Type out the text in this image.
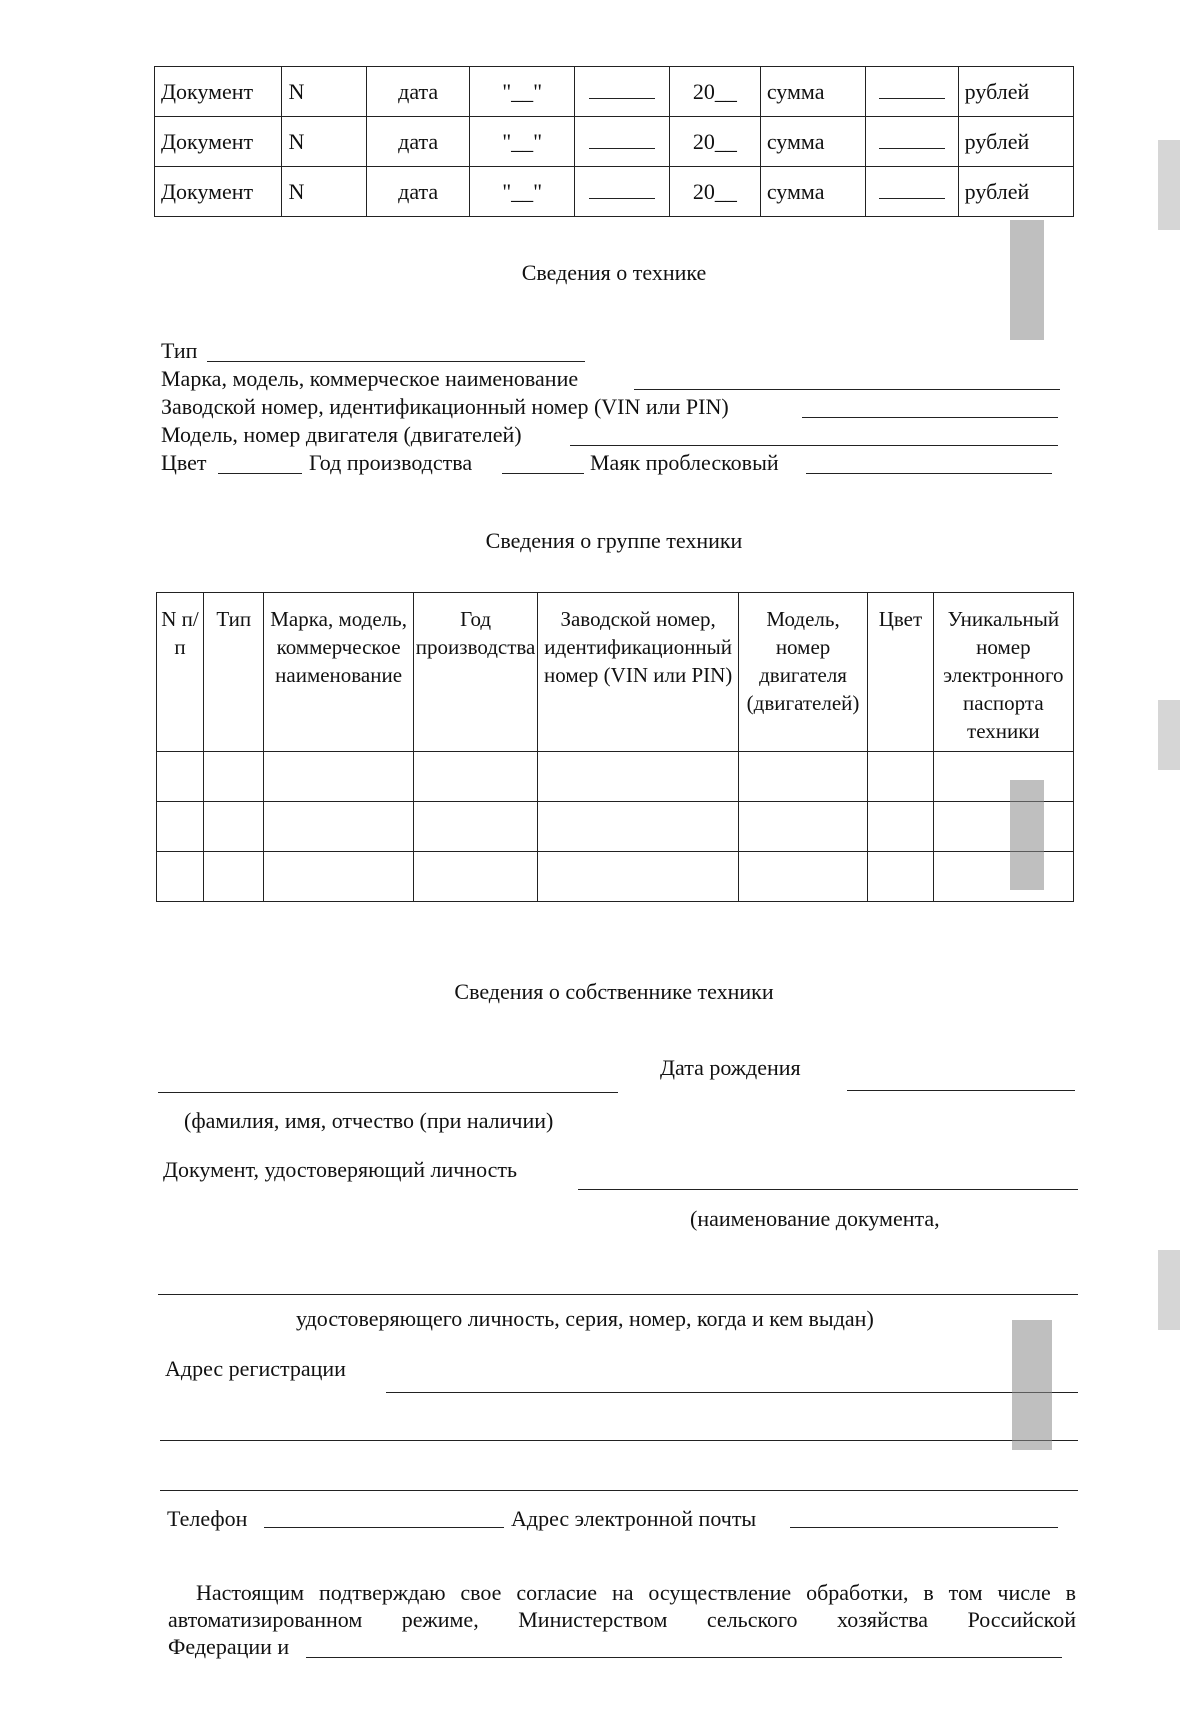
Документ	N	дата	"__"		20__	сумма		рублей
Документ	N	дата	"__"		20__	сумма		рублей
Документ	N	дата	"__"		20__	сумма		рублей
Сведения о технике
Тип
Марка, модель, коммерческое наименование
Заводской номер, идентификационный номер (VIN или PIN)
Модель, номер двигателя (двигателей)
Цвет	Год производства	Маяк проблесковый
Сведения о группе техники
N п/п	Тип	Марка, модель, коммерческое наименование	Год производства	Заводской номер, идентификационный номер (VIN или PIN)	Модель, номер двигателя (двигателей)	Цвет	Уникальный номер электронного паспорта техники

Сведения о собственнике техники
Дата рождения
(фамилия, имя, отчество (при наличии)
Документ, удостоверяющий личность
(наименование документа,
удостоверяющего личность, серия, номер, когда и кем выдан)
Адрес регистрации
Телефон	Адрес электронной почты
Настоящим подтверждаю свое согласие на осуществление обработки, в том числе в
автоматизированном режиме, Министерством сельского хозяйства Российской
Федерации и
